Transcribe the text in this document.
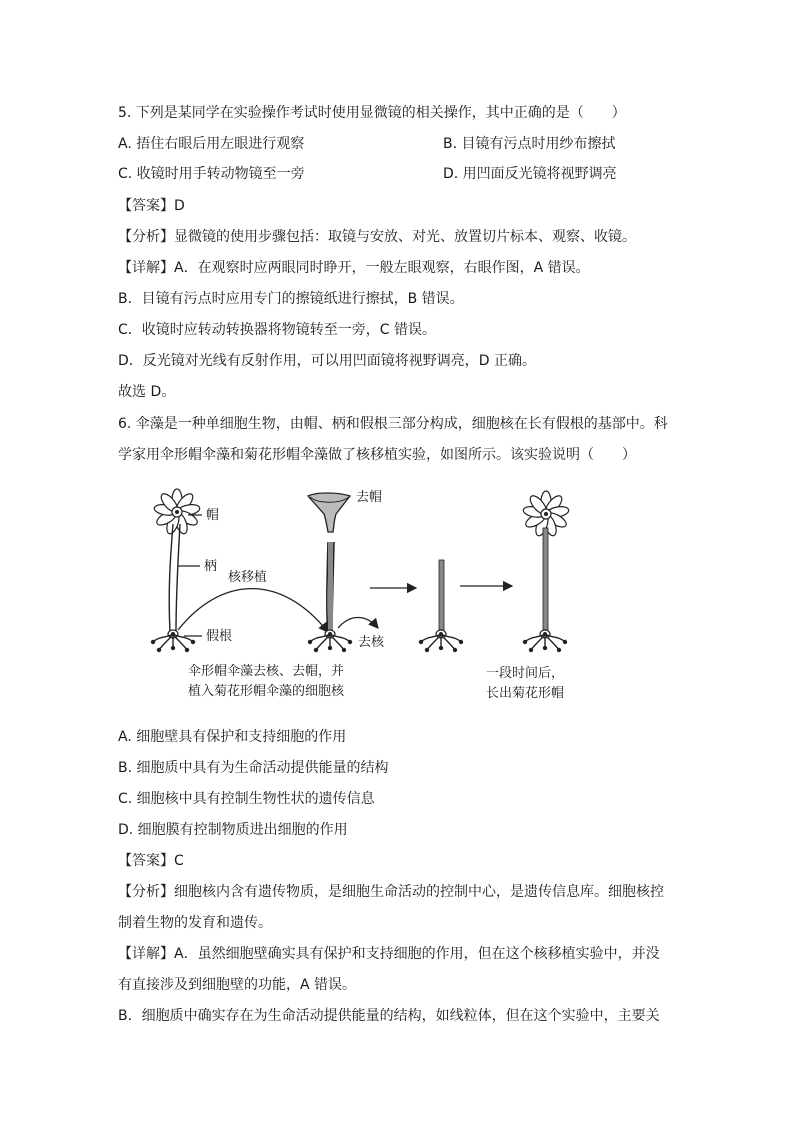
5. 下列是某同学在实验操作考试时使用显微镜的相关操作，其中正确的是（　　）
A. 捂住右眼后用左眼进行观察	B. 目镜有污点时用纱布擦拭
C. 收镜时用手转动物镜至一旁	D. 用凹面反光镜将视野调亮
【答案】D
【分析】显微镜的使用步骤包括：取镜与安放、对光、放置切片标本、观察、收镜。
【详解】A．在观察时应两眼同时睁开，一般左眼观察，右眼作图，A 错误。
B．目镜有污点时应用专门的擦镜纸进行擦拭，B 错误。
C．收镜时应转动转换器将物镜转至一旁，C 错误。
D．反光镜对光线有反射作用，可以用凹面镜将视野调亮，D 正确。
故选 D。
6. 伞藻是一种单细胞生物，由帽、柄和假根三部分构成，细胞核在长有假根的基部中。科
学家用伞形帽伞藻和菊花形帽伞藻做了核移植实验，如图所示。该实验说明（　　）
帽
柄
核移植
假根
去帽
去核
伞形帽伞藻去核、去帽，并
植入菊花形帽伞藻的细胞核
一段时间后，
长出菊花形帽
A. 细胞壁具有保护和支持细胞的作用
B. 细胞质中具有为生命活动提供能量的结构
C. 细胞核中具有控制生物性状的遗传信息
D. 细胞膜有控制物质进出细胞的作用
【答案】C
【分析】细胞核内含有遗传物质，是细胞生命活动的控制中心，是遗传信息库。细胞核控
制着生物的发育和遗传。
【详解】A．虽然细胞壁确实具有保护和支持细胞的作用，但在这个核移植实验中，并没
有直接涉及到细胞壁的功能，A 错误。
B．细胞质中确实存在为生命活动提供能量的结构，如线粒体，但在这个实验中，主要关
